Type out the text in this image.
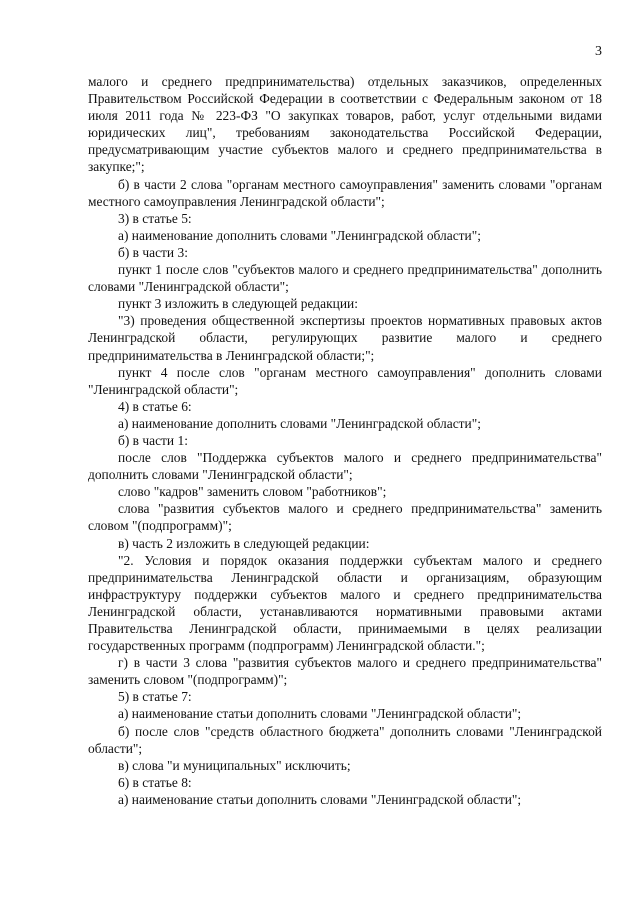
3

малого и среднего предпринимательства) отдельных заказчиков, определенных Правительством Российской Федерации в соответствии с Федеральным законом от 18 июля 2011 года № 223-ФЗ "О закупках товаров, работ, услуг отдельными видами юридических лиц", требованиям законодательства Российской Федерации, предусматривающим участие субъектов малого и среднего предпринимательства в закупке;";

б) в части 2 слова "органам местного самоуправления" заменить словами "органам местного самоуправления Ленинградской области";

3) в статье 5:

а) наименование дополнить словами "Ленинградской области";

б) в части 3:

пункт 1 после слов "субъектов малого и среднего предпринимательства" дополнить словами "Ленинградской области";

пункт 3 изложить в следующей редакции:

"3) проведения общественной экспертизы проектов нормативных правовых актов Ленинградской области, регулирующих развитие малого и среднего предпринимательства в Ленинградской области;";

пункт 4 после слов "органам местного самоуправления" дополнить словами "Ленинградской области";

4) в статье 6:

а) наименование дополнить словами "Ленинградской области";

б) в части 1:

после слов "Поддержка субъектов малого и среднего предпринимательства" дополнить словами "Ленинградской области";

слово "кадров" заменить словом "работников";

слова "развития субъектов малого и среднего предпринимательства" заменить словом "(подпрограмм)";

в) часть 2 изложить в следующей редакции:

"2. Условия и порядок оказания поддержки субъектам малого и среднего предпринимательства Ленинградской области и организациям, образующим инфраструктуру поддержки субъектов малого и среднего предпринимательства Ленинградской области, устанавливаются нормативными правовыми актами Правительства Ленинградской области, принимаемыми в целях реализации государственных программ (подпрограмм) Ленинградской области.";

г) в части 3 слова "развития субъектов малого и среднего предпринимательства" заменить словом "(подпрограмм)";

5) в статье 7:

а) наименование статьи дополнить словами "Ленинградской области";

б) после слов "средств областного бюджета" дополнить словами "Ленинградской области";

в) слова "и муниципальных" исключить;

6) в статье 8:

а) наименование статьи дополнить словами "Ленинградской области";
